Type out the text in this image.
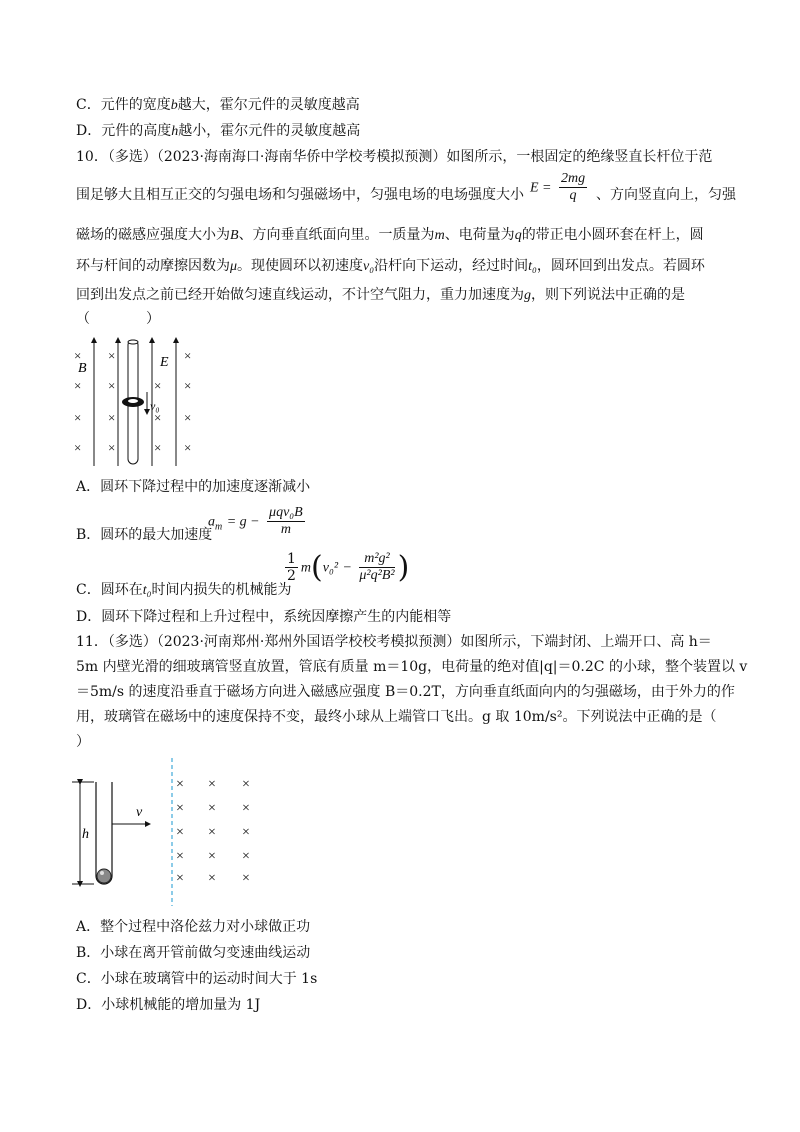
C．元件的宽度b越大，霍尔元件的灵敏度越高
D．元件的高度h越小，霍尔元件的灵敏度越高
10．（多选）（2023·海南海口·海南华侨中学校考模拟预测）如图所示，一根固定的绝缘竖直长杆位于范
围足够大且相互正交的匀强电场和匀强磁场中，匀强电场的电场强度大小 $E = \frac{2mg}{q}$ 、方向竖直向上，匀强
磁场的磁感应强度大小为B、方向垂直纸面向里。一质量为m、电荷量为q的带正电小圆环套在杆上，圆
环与杆间的动摩擦因数为μ。现使圆环以初速度v₀沿杆向下运动，经过时间t₀，圆环回到出发点。若圆环
回到出发点之前已经开始做匀速直线运动，不计空气阻力，重力加速度为g，则下列说法中正确的是
（　　　　）
v₀
B	E
×
×
×
×
×
×
×
×
×
×
×
×
×
×
×
A．圆环下降过程中的加速度逐渐减小
B．圆环的最大加速度
$a_m = g - \frac{\text{μqv₀B}}{m}$
C．圆环在t₀时间内损失的机械能为
$\frac{1}{2} m(v_0^2 - \frac{\text{m²g²}}{\text{μ²q²B²}}$ )
D．圆环下降过程和上升过程中，系统因摩擦产生的内能相等
11．（多选）（2023·河南郑州·郑州外国语学校校考模拟预测）如图所示，下端封闭、上端开口、高 h＝
5m 内壁光滑的细玻璃管竖直放置，管底有质量 m＝10g，电荷量的绝对值|q|＝0.2C 的小球，整个装置以 v
＝5m/s 的速度沿垂直于磁场方向进入磁感应强度 B＝0.2T，方向垂直纸面向内的匀强磁场，由于外力的作
用，玻璃管在磁场中的速度保持不变，最终小球从上端管口飞出。g 取 10m/s²。下列说法中正确的是（
）
h
v
×
×
×
×
×
×
×
×
×
×
×
×
×
×
×
A．整个过程中洛伦兹力对小球做正功
B．小球在离开管前做匀变速曲线运动
C．小球在玻璃管中的运动时间大于 1s
D．小球机械能的增加量为 1J
